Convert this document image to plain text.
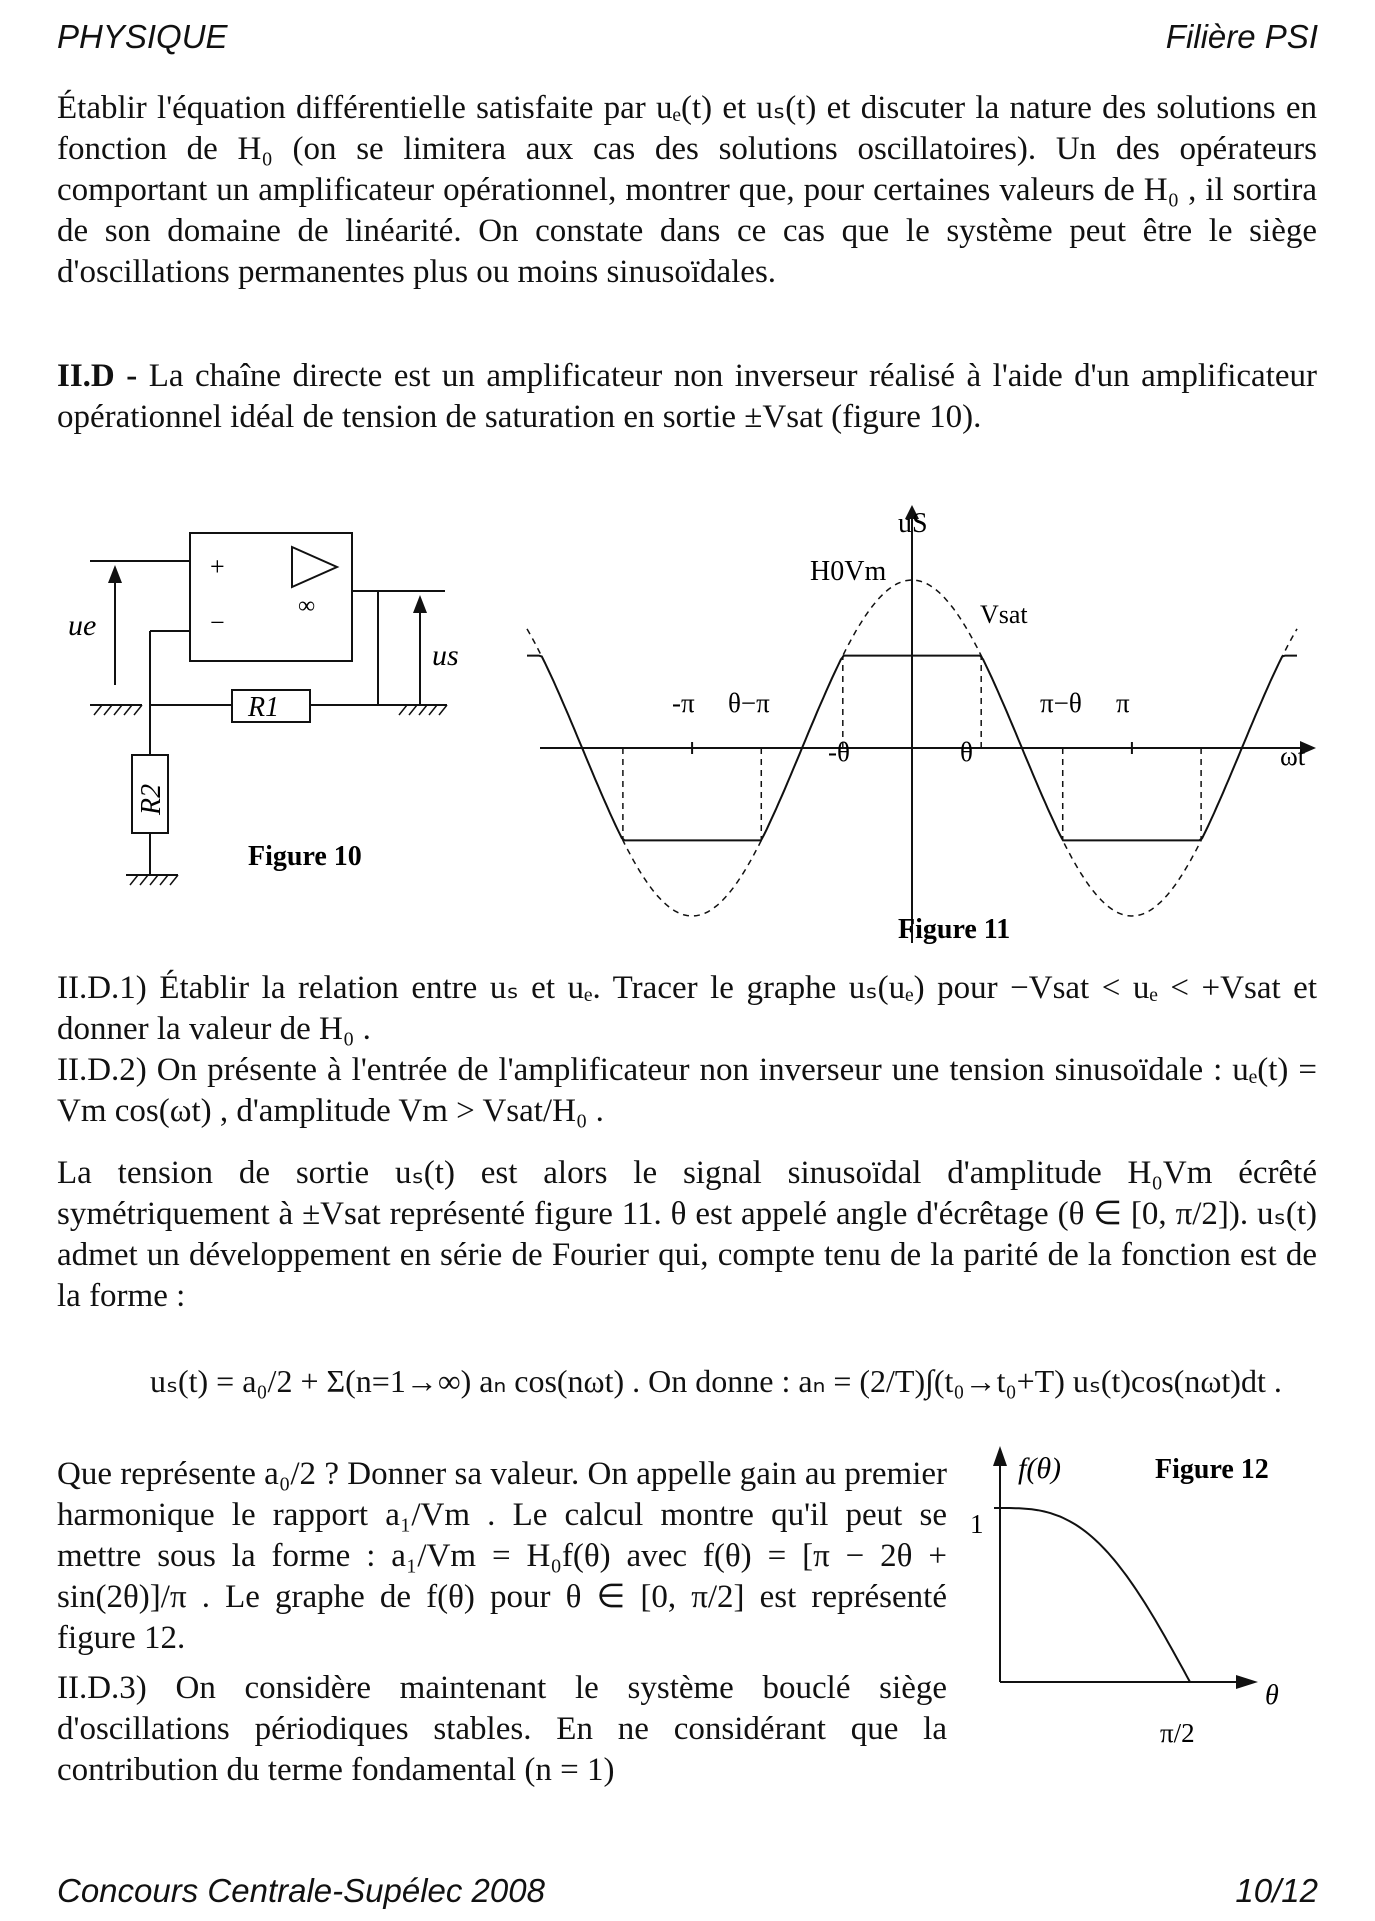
PHYSIQUE	Filière PSI
Établir l'équation différentielle satisfaite par uₑ(t) et uₛ(t) et discuter la nature des solutions en fonction de H₀ (on se limitera aux cas des solutions oscillatoires). Un des opérateurs comportant un amplificateur opérationnel, montrer que, pour certaines valeurs de H₀ , il sortira de son domaine de linéarité. On constate dans ce cas que le système peut être le siège d'oscillations permanentes plus ou moins sinusoïdales.
II.D - La chaîne directe est un amplificateur non inverseur réalisé à l'aide d'un amplificateur opérationnel idéal de tension de saturation en sortie ±Vsat (figure 10).
+
−
∞
ue
us
R1
R2
Figure 10
uS
H0Vm
Vsat
-π θ−π	π−θ π
-θ	θ	ωt
Figure 11
II.D.1) Établir la relation entre uₛ et uₑ. Tracer le graphe uₛ(uₑ) pour −Vsat < uₑ < +Vsat et donner la valeur de H₀ .
II.D.2) On présente à l'entrée de l'amplificateur non inverseur une tension sinusoïdale : uₑ(t) = Vm cos(ωt) , d'amplitude Vm > Vsat/H₀ .
La tension de sortie uₛ(t) est alors le signal sinusoïdal d'amplitude H₀Vm écrêté symétriquement à ±Vsat représenté figure 11. θ est appelé angle d'écrêtage (θ ∈ [0, π/2]). uₛ(t) admet un développement en série de Fourier qui, compte tenu de la parité de la fonction est de la forme :
uₛ(t) = a₀/2 + Σ(n=1→∞) aₙ cos(nωt) . On donne : aₙ = (2/T)∫(t₀→t₀+T) uₛ(t)cos(nωt)dt .
Que représente a₀/2 ? Donner sa valeur. On appelle gain au premier harmonique le rapport a₁/Vm . Le calcul montre qu'il peut se mettre sous la forme : a₁/Vm = H₀f(θ) avec f(θ) = [π − 2θ + sin(2θ)]/π . Le graphe de f(θ) pour θ ∈ [0, π/2] est représenté figure 12.
II.D.3) On considère maintenant le système bouclé siège d'oscillations périodiques stables. En ne considérant que la contribution du terme fondamental (n = 1)
f(θ)
1
θ
π/2
Figure 12
Concours Centrale-Supélec 2008	10/12
